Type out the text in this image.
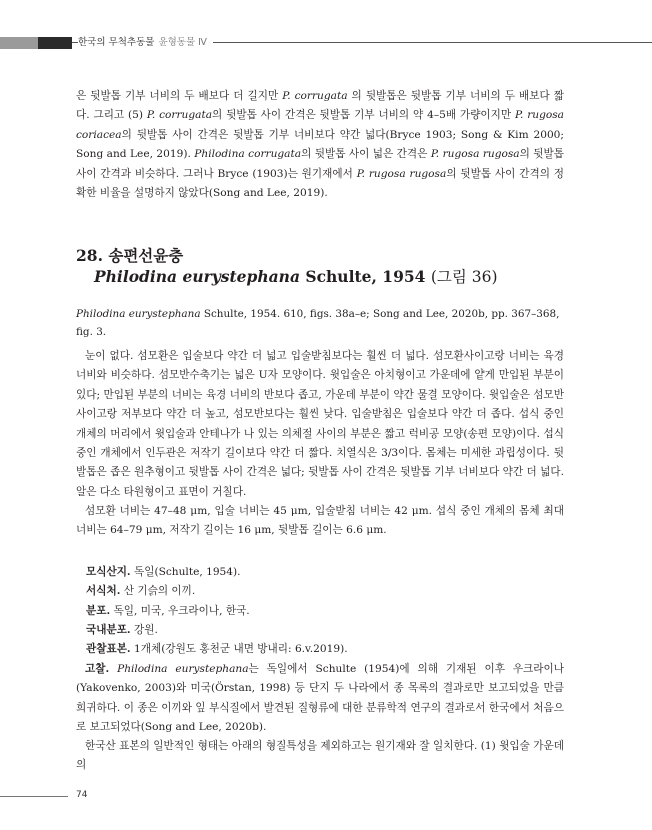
한국의 무척추동물 윤형동물 Ⅳ
은 뒷발톱 기부 너비의 두 배보다 더 길지만 P. corrugata 의 뒷발톱은 뒷발톱 기부 너비의 두 배보다 짧다. 그리고 (5) P. corrugata의 뒷발톱 사이 간격은 뒷발톱 기부 너비의 약 4–5배 가량이지만 P. rugosa coriacea의 뒷발톱 사이 간격은 뒷발톱 기부 너비보다 약간 넓다(Bryce 1903; Song & Kim 2000; Song and Lee, 2019). Philodina corrugata의 뒷발톱 사이 넓은 간격은 P. rugosa rugosa의 뒷발톱 사이 간격과 비슷하다. 그러나 Bryce (1903)는 원기재에서 P. rugosa rugosa의 뒷발톱 사이 간격의 정확한 비율을 설명하지 않았다(Song and Lee, 2019).
28. 송편선윤충
Philodina eurystephana Schulte, 1954 (그림 36)
Philodina eurystephana Schulte, 1954. 610, figs. 38a–e; Song and Lee, 2020b, pp. 367–368, fig. 3.
눈이 없다. 섬모환은 입술보다 약간 더 넓고 입술받침보다는 훨씬 더 넓다. 섬모환사이고랑 너비는 육경 너비와 비슷하다. 섬모반수축기는 넓은 U자 모양이다. 윗입술은 아치형이고 가운데에 얕게 만입된 부분이 있다; 만입된 부분의 너비는 육경 너비의 반보다 좁고, 가운데 부분이 약간 물결 모양이다. 윗입술은 섬모반사이고랑 저부보다 약간 더 높고, 섬모반보다는 훨씬 낮다. 입술받침은 입술보다 약간 더 좁다. 섭식 중인 개체의 머리에서 윗입술과 안테나가 나 있는 의체절 사이의 부분은 짧고 럭비공 모양(송편 모양)이다. 섭식 중인 개체에서 인두관은 저작기 길이보다 약간 더 짧다. 치열식은 3/3이다. 몸체는 미세한 과립성이다. 뒷발톱은 좁은 원추형이고 뒷발톱 사이 간격은 넓다; 뒷발톱 사이 간격은 뒷발톱 기부 너비보다 약간 더 넓다. 알은 다소 타원형이고 표면이 거칠다.
섬모환 너비는 47–48 μm, 입술 너비는 45 μm, 입술받침 너비는 42 μm. 섭식 중인 개체의 몸체 최대 너비는 64–79 μm, 저작기 길이는 16 μm, 뒷발톱 길이는 6.6 μm.
모식산지. 독일(Schulte, 1954).
서식처. 산 기슭의 이끼.
분포. 독일, 미국, 우크라이나, 한국.
국내분포. 강원.
관찰표본. 1개체(강원도 홍천군 내면 방내리: 6.v.2019).
고찰. Philodina eurystephana는 독일에서 Schulte (1954)에 의해 기재된 이후 우크라이나(Yakovenko, 2003)와 미국(Örstan, 1998) 등 단지 두 나라에서 종 목록의 결과로만 보고되었을 만큼 희귀하다. 이 종은 이끼와 잎 부식질에서 발견된 질형류에 대한 분류학적 연구의 결과로서 한국에서 처음으로 보고되었다(Song and Lee, 2020b).
한국산 표본의 일반적인 형태는 아래의 형질특성을 제외하고는 원기재와 잘 일치한다. (1) 윗입술 가운데의
74
